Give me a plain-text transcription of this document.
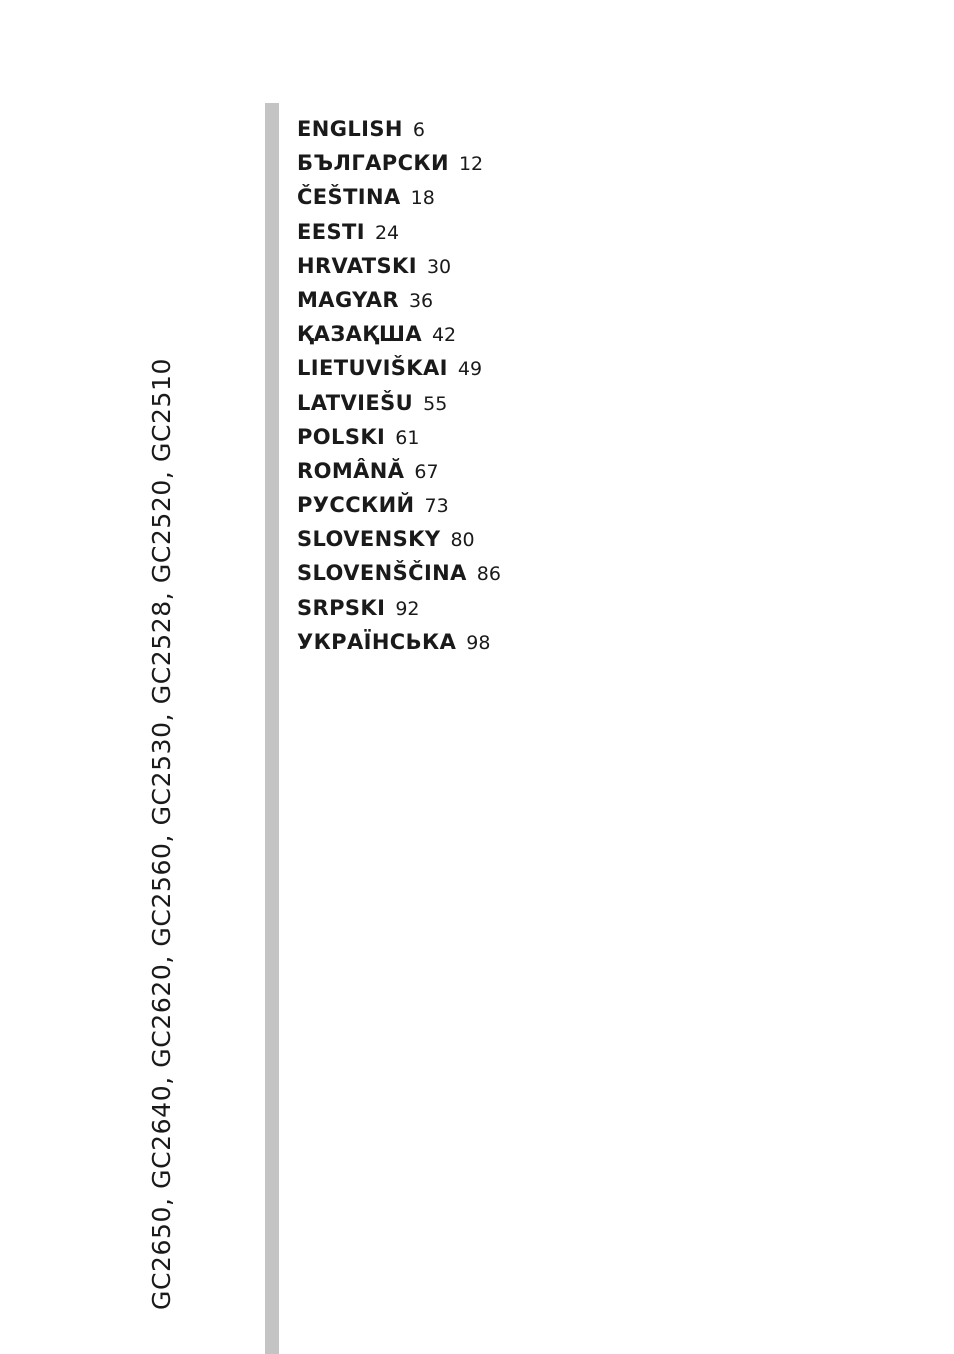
GC2650, GC2640, GC2620, GC2560, GC2530, GC2528, GC2520, GC2510
ENGLISH 6
БЪЛГАРСКИ 12
ČEŠTINA 18
EESTI 24
HRVATSKI 30
MAGYAR 36
ҚАЗАҚША 42
LIETUVIŠKAI 49
LATVIEŠU 55
POLSKI 61
ROMÂNĂ 67
РУССКИЙ 73
SLOVENSKY 80
SLOVENŠČINA 86
SRPSKI 92
УКРАЇНСЬКА 98
